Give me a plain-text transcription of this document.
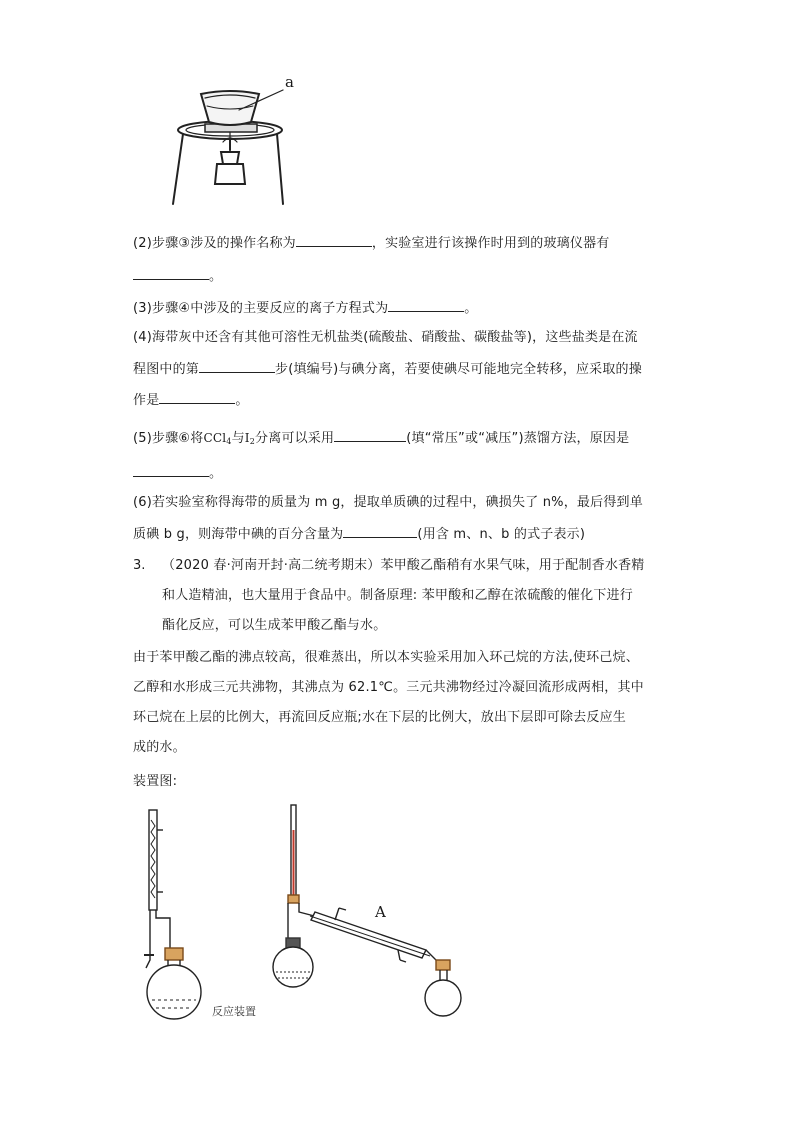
a
(2)步骤③涉及的操作名称为	，实验室进行该操作时用到的玻璃仪器有
。
(3)步骤④中涉及的主要反应的离子方程式为	。
(4)海带灰中还含有其他可溶性无机盐类(硫酸盐、硝酸盐、碳酸盐等)，这些盐类是在流
程图中的第	步(填编号)与碘分离，若要使碘尽可能地完全转移，应采取的操
作是	。
(5)步骤⑥将CCl$_4$与$I_2$分离可以采用	(填“常压”或“减压”)蒸馏方法，原因是
。
(6)若实验室称得海带的质量为 m g，提取单质碘的过程中，碘损失了 n%，最后得到单
质碘 b g，则海带中碘的百分含量为	(用含 m、n、b 的式子表示)
3. （2020 春·河南开封·高二统考期末）苯甲酸乙酯稍有水果气味，用于配制香水香精
和人造精油，也大量用于食品中。制备原理: 苯甲酸和乙醇在浓硫酸的催化下进行
酯化反应，可以生成苯甲酸乙酯与水。
由于苯甲酸乙酯的沸点较高，很难蒸出，所以本实验采用加入环己烷的方法,使环己烷、
乙醇和水形成三元共沸物，其沸点为 62.1℃。三元共沸物经过冷凝回流形成两相，其中
环己烷在上层的比例大，再流回反应瓶;水在下层的比例大，放出下层即可除去反应生
成的水。
装置图:
A
反应装置
